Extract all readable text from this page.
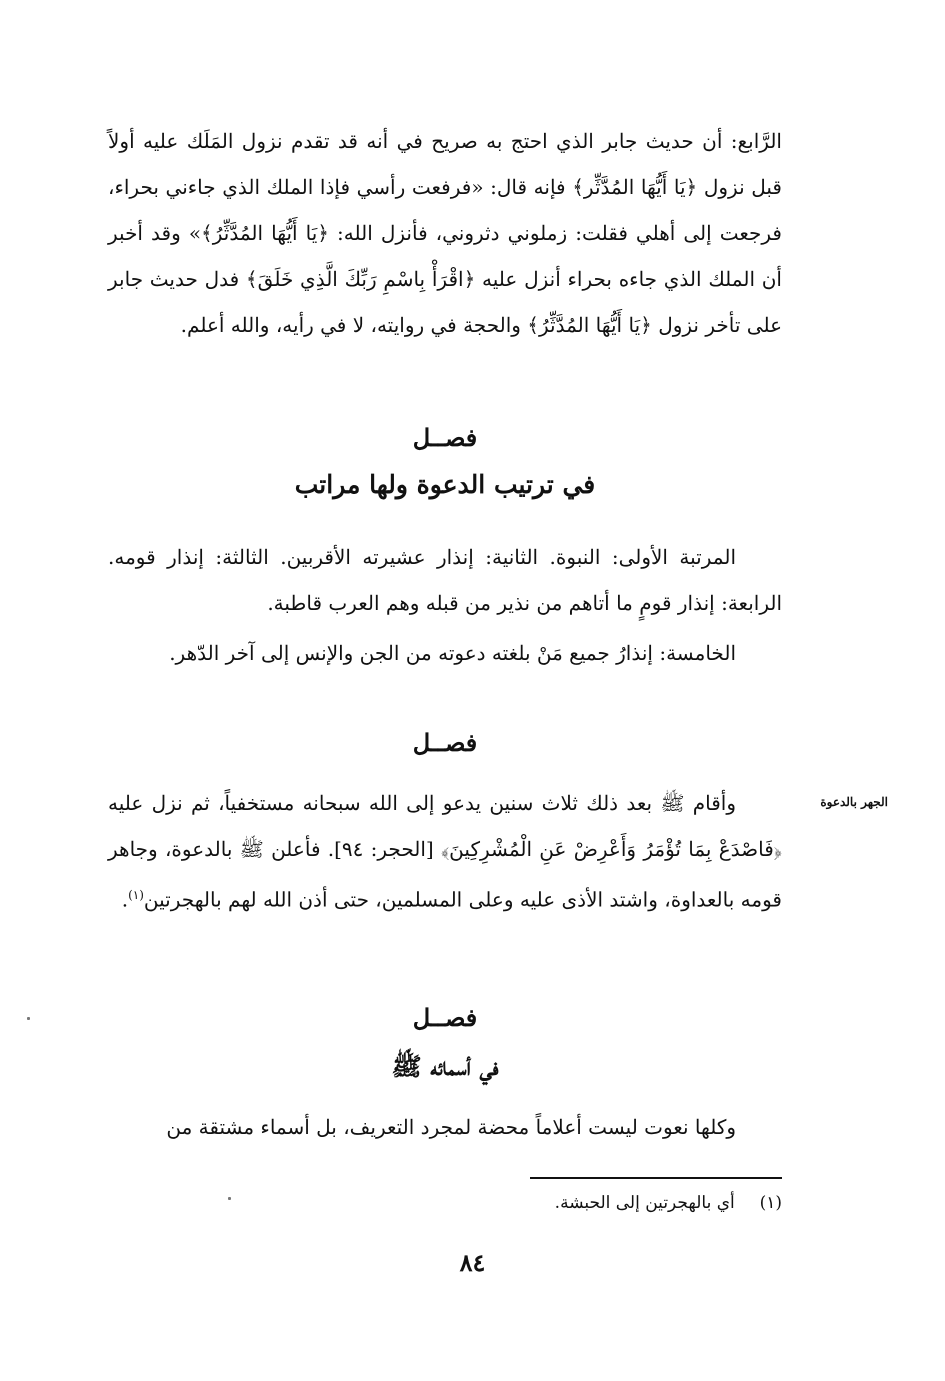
الرَّابع: أن حديث جابر الذي احتج به صريح في أنه قد تقدم نزول المَلَك عليه أولاً قبل نزول ﴿يَا أَيُّهَا المُدَّثِّر﴾ فإنه قال: «فرفعت رأسي فإذا الملك الذي جاءني بحراء، فرجعت إلى أهلي فقلت: زملوني دثروني، فأنزل الله: ﴿يَا أَيُّهَا المُدَّثِّرُ﴾» وقد أخبر أن الملك الذي جاءه بحراء أنزل عليه ﴿اقْرَأْ بِاسْمِ رَبِّكَ الَّذِي خَلَقَ﴾ فدل حديث جابر على تأخر نزول ﴿يَا أَيُّهَا المُدَّثِّرُ﴾ والحجة في روايته، لا في رأيه، والله أعلم.
فصــل
في ترتيب الدعوة ولها مراتب

المرتبة الأولى: النبوة. الثانية: إنذار عشيرته الأقربين. الثالثة: إنذار قومه. الرابعة: إنذار قومٍ ما أتاهم من نذير من قبله وهم العرب قاطبة.

الخامسة: إنذارُ جميع مَنْ بلغته دعوته من الجن والإنس إلى آخر الدّهر.

فصــل
الجهر بالدعوة

وأقام ﷺ بعد ذلك ثلاث سنين يدعو إلى الله سبحانه مستخفياً، ثم نزل عليه ﴿فَاصْدَعْ بِمَا تُؤْمَرُ وَأَعْرِضْ عَنِ الْمُشْرِكِينَ﴾ [الحجر: ٩٤]. فأعلن ﷺ بالدعوة، وجاهر قومه بالعداوة، واشتد الأذى عليه وعلى المسلمين، حتى أذن الله لهم بالهجرتين$^{(١)}$.

فصــل
في أسمائه ﷺ

وكلها نعوت ليست أعلاماً محضة لمجرد التعريف، بل أسماء مشتقة من

(١)  أي بالهجرتين إلى الحبشة.
٨٤
